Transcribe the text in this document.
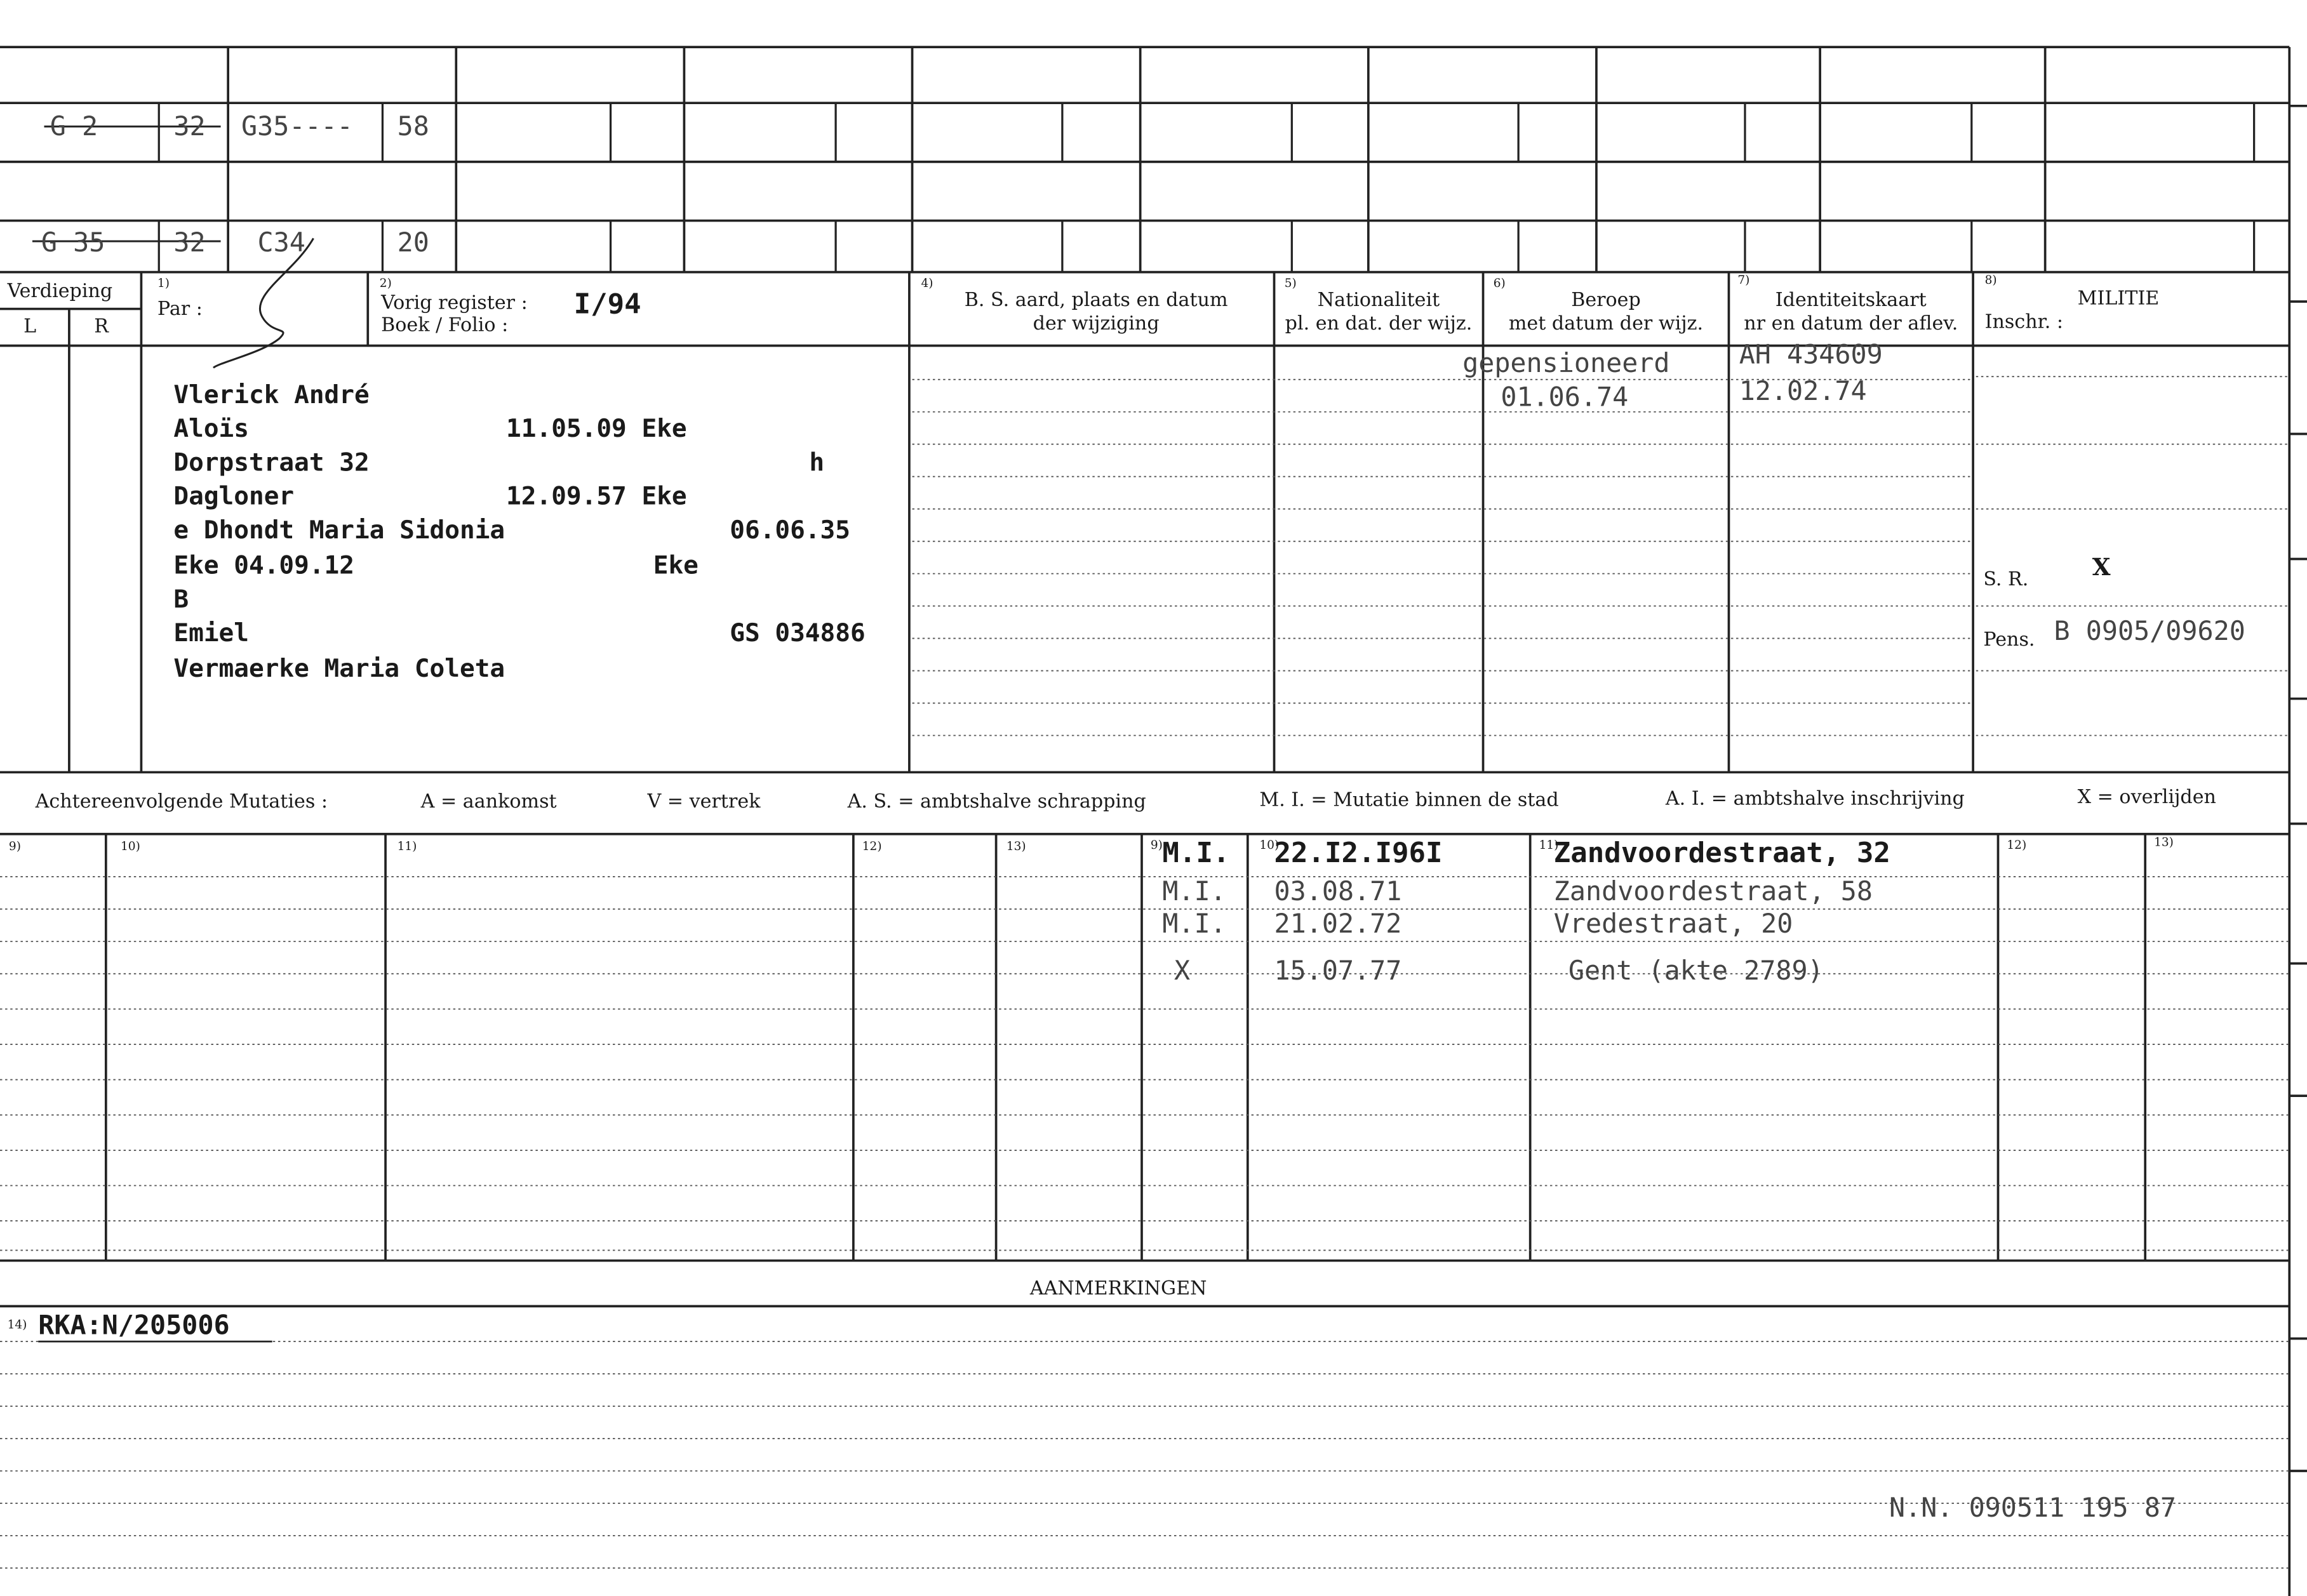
G 2	32	G35----	58
G 35	32	C34	20
Verdieping
L	R
1)
Par :
2)
Vorig register :
Boek / Folio :
I/94
4)
B. S. aard, plaats en datum
der wijziging
5)
Nationaliteit
pl. en dat. der wijz.
6)
Beroep
met datum der wijz.
7)
Identiteitskaart
nr en datum der aflev.
8)
MILITIE
Inschr. :
Vlerick André
Aloïs	11.05.09 Eke
Dorpstraat 32	h
Dagloner	12.09.57 Eke
e Dhondt Maria Sidonia	06.06.35
Eke 04.09.12	Eke
B
Emiel	GS 034886
Vermaerke Maria Coleta
gepensioneerd
01.06.74
AH 434609
12.02.74
S. R.	X
Pens. B 0905/09620
Achtereenvolgende Mutaties :	A = aankomst	V = vertrek	A. S. = ambtshalve schrapping	M. I. = Mutatie binnen de stad	A. I. = ambtshalve inschrijving	X = overlijden
9)	10)	11)	12)	13)	9)	10)	11)	12)	13)
M.I.	22.I2.I96I	Zandvoordestraat, 32
M.I.	03.08.71	Zandvoordestraat, 58
M.I.	21.02.72	Vredestraat, 20
X	15.07.77	Gent (akte 2789)
AANMERKINGEN
14) RKA:N/205006
N.N. 090511 195 87
